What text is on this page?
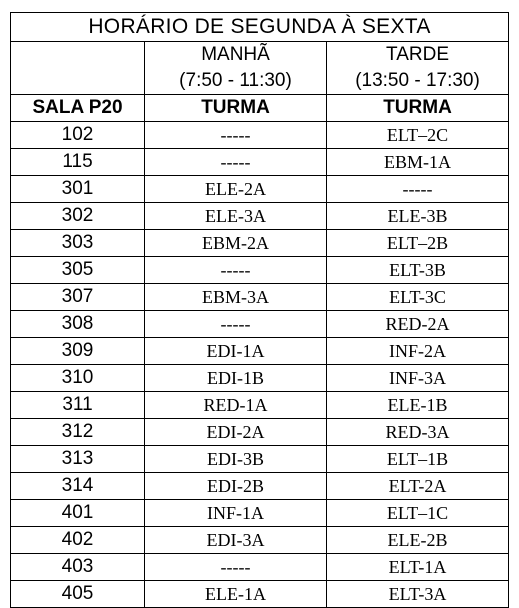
HORÁRIO DE SEGUNDA À SEXTA		
	MANHÃ	TARDE
	(7:50 - 11:30)	(13:50 - 17:30)
SALA P20	TURMA	TURMA
102	-----	ELT–2C
115	-----	EBM-1A
301	ELE-2A	-----
302	ELE-3A	ELE-3B
303	EBM-2A	ELT–2B
305	-----	ELT-3B
307	EBM-3A	ELT-3C
308	-----	RED-2A
309	EDI-1A	INF-2A
310	EDI-1B	INF-3A
311	RED-1A	ELE-1B
312	EDI-2A	RED-3A
313	EDI-3B	ELT–1B
314	EDI-2B	ELT-2A
401	INF-1A	ELT–1C
402	EDI-3A	ELE-2B
403	-----	ELT-1A
405	ELE-1A	ELT-3A
